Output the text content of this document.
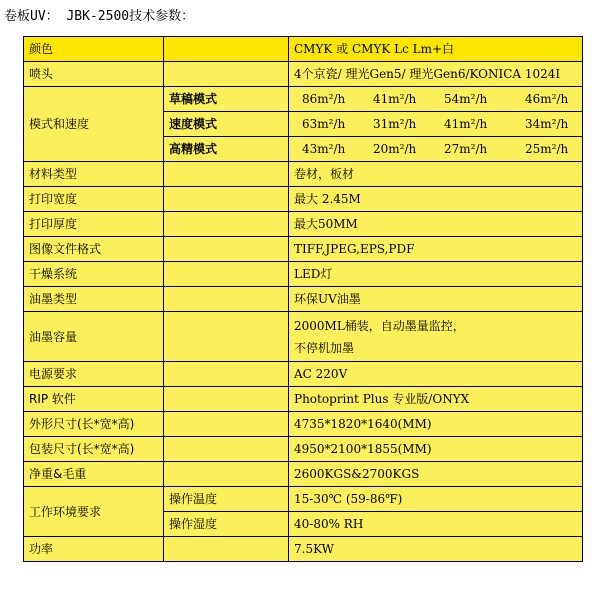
卷板UV： JBK-2500技术参数：
颜色		CMYK 或 CMYK Lc Lm+白
喷头		4个京瓷/ 理光Gen5/ 理光Gen6/KONICA 1024I
模式和速度	草稿模式	86m²/h 41m²/h 54m²/h 46m²/h

	速度模式	63m²/h 31m²/h 41m²/h 34m²/h

	高精模式	43m²/h 20m²/h 27m²/h 25m²/h

材料类型		卷材，板材
打印宽度		最大 2.45M
打印厚度		最大50MM
图像文件格式		TIFF,JPEG,EPS,PDF
干燥系统		LED灯
油墨类型		环保UV油墨
油墨容量		2000ML桶装，自动墨量监控，
不停机加墨

电源要求		AC 220V
RIP 软件		Photoprint Plus 专业版/ONYX
外形尺寸(长*宽*高)		4735*1820*1640(MM)
包装尺寸(长*宽*高)		4950*2100*1855(MM)
净重&毛重		2600KGS&2700KGS
工作环境要求	操作温度	15-30℃ (59-86℉)
	操作湿度	40-80% RH
功率		7.5KW
